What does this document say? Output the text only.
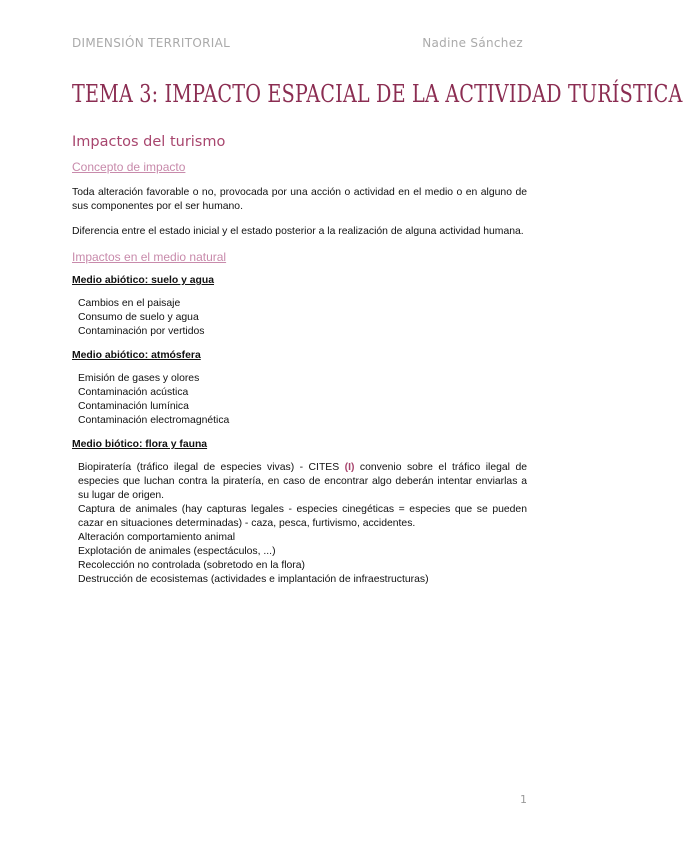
DIMENSIÓN TERRITORIAL	Nadine Sánchez
TEMA 3: IMPACTO ESPACIAL DE LA ACTIVIDAD TURÍSTICA
Impactos del turismo
Concepto de impacto

Toda alteración favorable o no, provocada por una acción o actividad en el medio o en alguno de sus componentes por el ser humano.

Diferencia entre el estado inicial y el estado posterior a la realización de alguna actividad humana.

Impactos en el medio natural
Medio abiótico: suelo y agua
Cambios en el paisaje
Consumo de suelo y agua
Contaminación por vertidos
Medio abiótico: atmósfera
Emisión de gases y olores
Contaminación acústica
Contaminación lumínica
Contaminación electromagnética
Medio biótico: flora y fauna
Biopiratería (tráfico ilegal de especies vivas) - CITES (I) convenio sobre el tráfico ilegal de especies que luchan contra la piratería, en caso de encontrar algo deberán intentar enviarlas a su lugar de origen.
Captura de animales (hay capturas legales - especies cinegéticas = especies que se pueden cazar en situaciones determinadas) - caza, pesca, furtivismo, accidentes.
Alteración comportamiento animal
Explotación de animales (espectáculos, ...)
Recolección no controlada (sobretodo en la flora)
Destrucción de ecosistemas (actividades e implantación de infraestructuras)
1
